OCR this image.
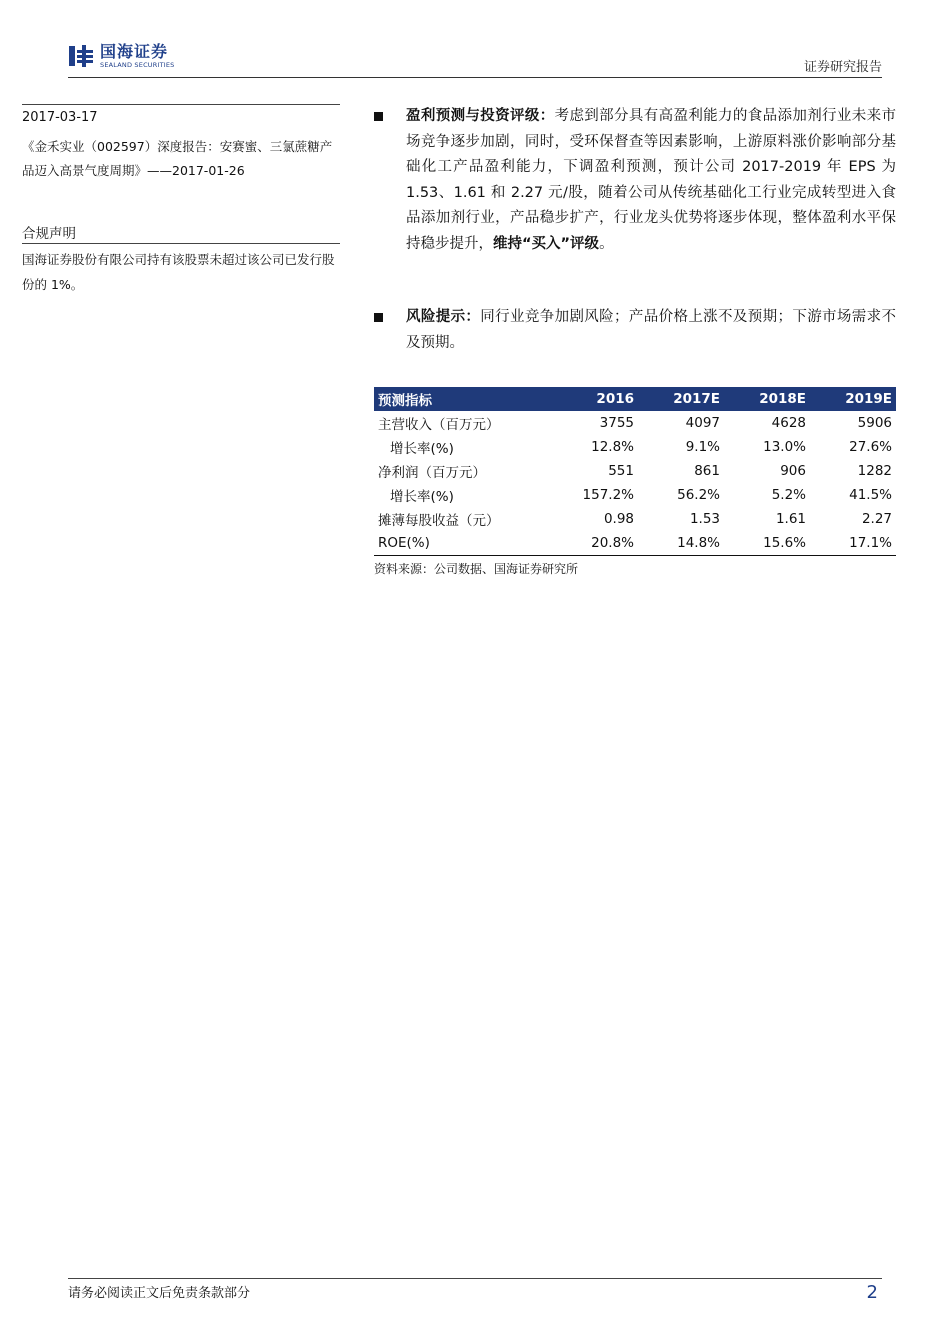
国海证券
SEALAND SECURITIES	证券研究报告
2017-03-17
《金禾实业（002597）深度报告：安赛蜜、三氯蔗糖产品迈入高景气度周期》——2017-01-26
合规声明
国海证券股份有限公司持有该股票未超过该公司已发行股份的 1%。
盈利预测与投资评级：考虑到部分具有高盈利能力的食品添加剂行业未来市场竞争逐步加剧，同时，受环保督查等因素影响，上游原料涨价影响部分基础化工产品盈利能力，下调盈利预测，预计公司 2017-2019 年 EPS 为 1.53、1.61 和 2.27 元/股，随着公司从传统基础化工行业完成转型进入食品添加剂行业，产品稳步扩产，行业龙头优势将逐步体现，整体盈利水平保持稳步提升，维持“买入”评级。
风险提示：同行业竞争加剧风险；产品价格上涨不及预期；下游市场需求不及预期。
预测指标	2016	2017E	2018E	2019E
主营收入（百万元）	3755	4097	4628	5906
增长率(%)	12.8%	9.1%	13.0%	27.6%
净利润（百万元）	551	861	906	1282
增长率(%)	157.2%	56.2%	5.2%	41.5%
摊薄每股收益（元）	0.98	1.53	1.61	2.27
ROE(%)	20.8%	14.8%	15.6%	17.1%
资料来源：公司数据、国海证券研究所
请务必阅读正文后免责条款部分	2
